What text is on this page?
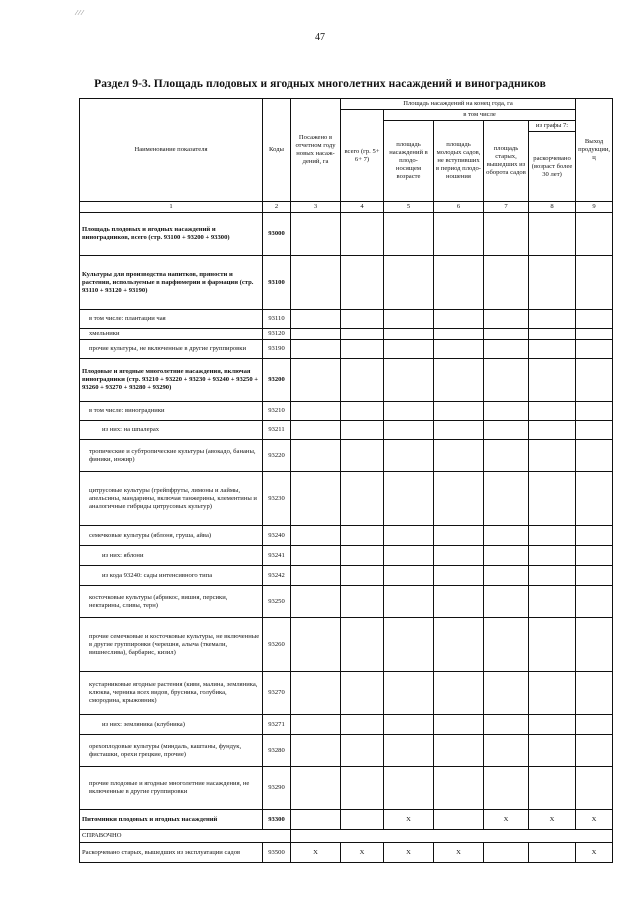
⁄ ⁄ ⁄
47
Раздел 9-3. Площадь плодовых и ягодных многолетних насаждений и виноградников
Наименование показателя	Коды	Посажено в отчетном году новых насаж- дений, га	Площадь насаждений на конец года, га					Выход продукции, ц
			всего (гр. 5+ 6+ 7)	в том числе				
				площадь насаждений в плодо- носящем возрасте	площадь молодых садов, не вступивших в период плодо- ношения	площадь старых, вышедших из оборота садов	из графы 7:	
							раскорчевано (возраст более 30 лет)	
1	2	3	4	5	6	7	8	9
Площадь плодовых и ягодных насаждений и виноградников, всего (стр. 93100 + 93200 + 93300)	93000							
Культуры для производства напитков, пряности и растения, используемые в парфюмерии и фармации (стр. 93110 + 93120 + 93190)	93100							
в том числе: плантации чая	93110							
хмельники	93120							
прочие культуры, не включенные в другие группировки	93190							
Плодовые и ягодные многолетние насаждения, включая виноградники (стр. 93210 + 93220 + 93230 + 93240 + 93250 + 93260 + 93270 + 93280 + 93290)	93200							
в том числе: виноградники	93210							
из них: на шпалерах	93211							
тропические и субтропические культуры (авокадо, бананы, финики, инжир)	93220							
цитрусовые культуры (грейпфруты, лимоны и лаймы, апельсины, мандарины, включая танжерины, клементины и аналогичные гибриды цитрусовых культур)	93230							
семечковые культуры (яблоня, груша, айва)	93240							
из них: яблони	93241							
из кода 93240: сады интенсивного типа	93242							
косточковые культуры (абрикос, вишня, персики, нектарины, сливы, терн)	93250							
прочие семечковые и косточковые культуры, не включенные в другие группировки (черешня, алыча (ткемали, вишнеслива), барбарис, кизил)	93260							
кустарниковые ягодные растения (киви, малина, земляника, клюква, черника всех видов, брусника, голубика, смородина, крыжовник)	93270							
из них: земляника (клубника)	93271							
орехоплодовые культуры (миндаль, каштаны, фундук, фисташки, орехи грецкие, прочие)	93280							
прочие плодовые и ягодные многолетние насаждения, не включенные в другие группировки	93290							
Питомники плодовых и ягодных насаждений	93300			X		X	X	X
СПРАВОЧНО								
Раскорчевано старых, вышедших из эксплуатации садов	93500	X	X	X	X			X
